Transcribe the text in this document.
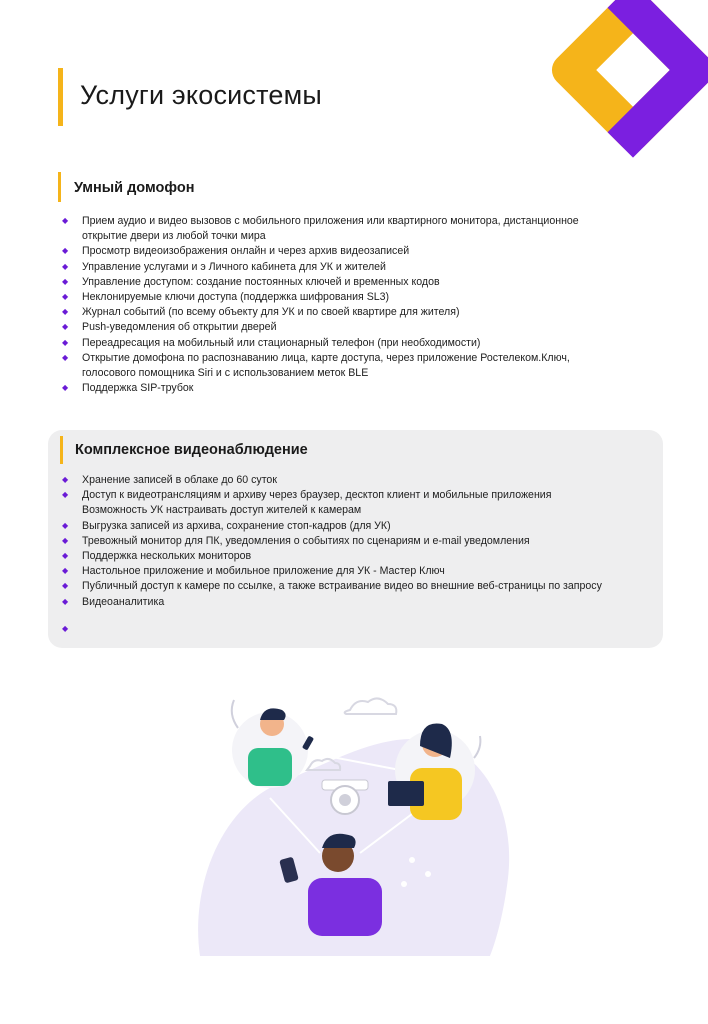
Услуги экосистемы
Умный домофон
◆ Прием аудио и видео вызовов с мобильного приложения или квартирного монитора, дистанционное
открытие двери из любой точки мира
◆ Просмотр видеоизображения онлайн и через архив видеозаписей
◆ Управление услугами и э Личного кабинета для УК и жителей
◆ Управление доступом: создание постоянных ключей и временных кодов
◆ Неклонируемые ключи доступа (поддержка шифрования SL3)
◆ Журнал событий (по всему объекту для УК и по своей квартире для жителя)
◆ Push-уведомления об открытии дверей
◆ Переадресация на мобильный или стационарный телефон (при необходимости)
◆ Открытие домофона по распознаванию лица, карте доступа, через приложение Ростелеком.Ключ,
голосового помощника Siri и с использованием меток BLE
◆ Поддержка SIP-трубок
Комплексное видеонаблюдение
◆ Хранение записей в облаке до 60 суток
◆ Доступ к видеотрансляциям и архиву через браузер, десктоп клиент и мобильные приложения
Возможность УК настраивать доступ жителей к камерам
◆ Выгрузка записей из архива, сохранение стоп-кадров (для УК)
◆ Тревожный монитор для ПК, уведомления о событиях по сценариям и e-mail уведомления
◆ Поддержка нескольких мониторов
◆ Настольное приложение и мобильное приложение для УК - Мастер Ключ
◆ Публичный доступ к камере по ссылке, а также встраивание видео во внешние веб-страницы по запросу
◆ Видеоаналитика
◆
